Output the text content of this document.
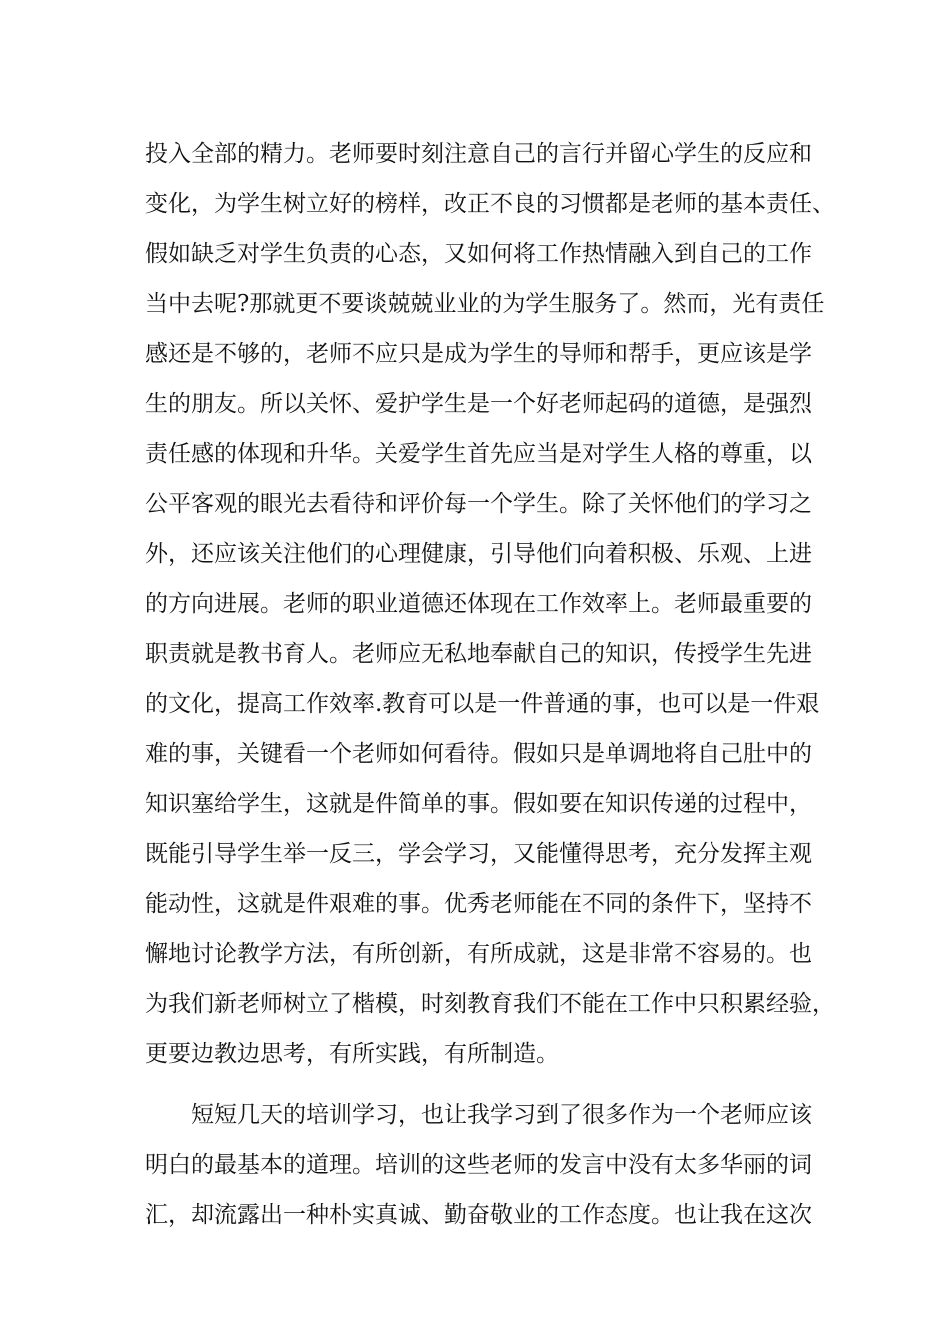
投入全部的精力。老师要时刻注意自己的言行并留心学生的反应和
变化，为学生树立好的榜样，改正不良的习惯都是老师的基本责任、
假如缺乏对学生负责的心态，又如何将工作热情融入到自己的工作
当中去呢?那就更不要谈兢兢业业的为学生服务了。然而，光有责任
感还是不够的，老师不应只是成为学生的导师和帮手，更应该是学
生的朋友。所以关怀、爱护学生是一个好老师起码的道德，是强烈
责任感的体现和升华。关爱学生首先应当是对学生人格的尊重，以
公平客观的眼光去看待和评价每一个学生。除了关怀他们的学习之
外，还应该关注他们的心理健康，引导他们向着积极、乐观、上进
的方向进展。老师的职业道德还体现在工作效率上。老师最重要的
职责就是教书育人。老师应无私地奉献自己的知识，传授学生先进
的文化，提高工作效率.教育可以是一件普通的事，也可以是一件艰
难的事，关键看一个老师如何看待。假如只是单调地将自己肚中的
知识塞给学生，这就是件简单的事。假如要在知识传递的过程中，
既能引导学生举一反三，学会学习，又能懂得思考，充分发挥主观
能动性，这就是件艰难的事。优秀老师能在不同的条件下，坚持不
懈地讨论教学方法，有所创新，有所成就，这是非常不容易的。也
为我们新老师树立了楷模，时刻教育我们不能在工作中只积累经验，
更要边教边思考，有所实践，有所制造。
　　短短几天的培训学习，也让我学习到了很多作为一个老师应该
明白的最基本的道理。培训的这些老师的发言中没有太多华丽的词
汇，却流露出一种朴实真诚、勤奋敬业的工作态度。也让我在这次
